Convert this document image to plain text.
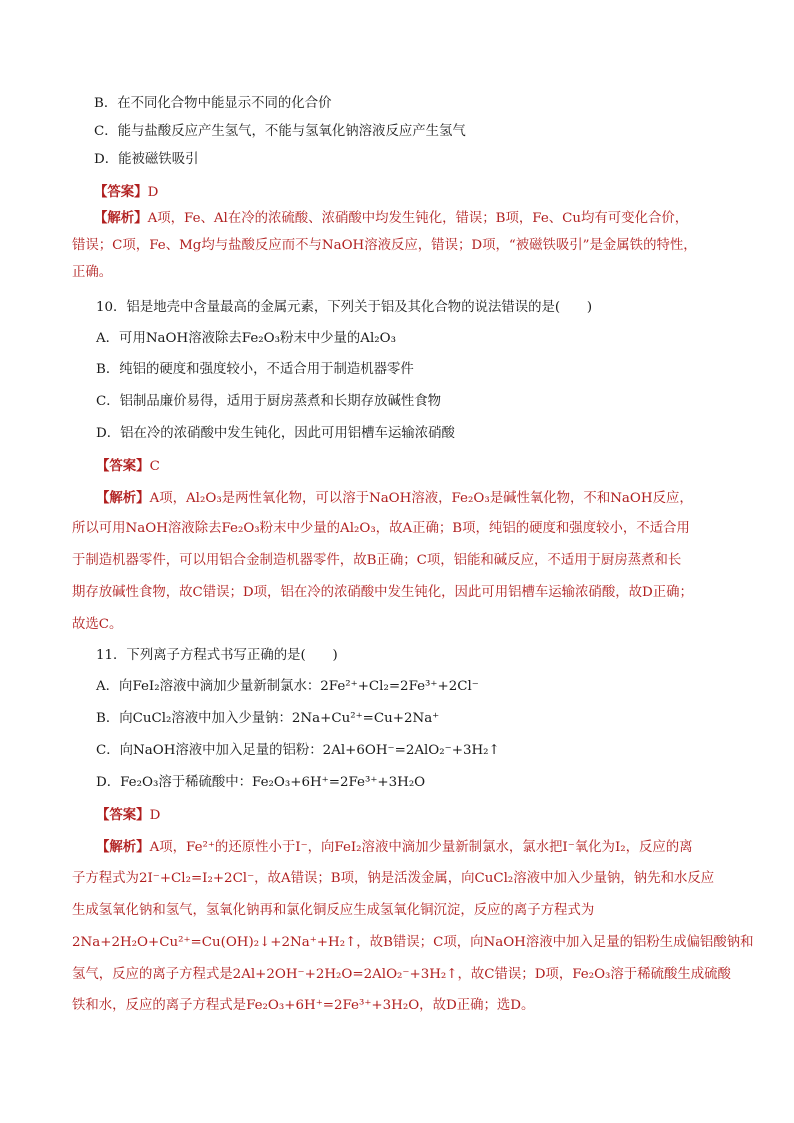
B．在不同化合物中能显示不同的化合价
C．能与盐酸反应产生氢气，不能与氢氧化钠溶液反应产生氢气
D．能被磁铁吸引
【答案】D
【解析】A项，Fe、Al在冷的浓硫酸、浓硝酸中均发生钝化，错误；B项，Fe、Cu均有可变化合价，
错误；C项，Fe、Mg均与盐酸反应而不与NaOH溶液反应，错误；D项，“被磁铁吸引”是金属铁的特性，
正确。
10．铝是地壳中含量最高的金属元素，下列关于铝及其化合物的说法错误的是(　　)
A．可用NaOH溶液除去Fe₂O₃粉末中少量的Al₂O₃
B．纯铝的硬度和强度较小，不适合用于制造机器零件
C．铝制品廉价易得，适用于厨房蒸煮和长期存放碱性食物
D．铝在冷的浓硝酸中发生钝化，因此可用铝槽车运输浓硝酸
【答案】C
【解析】A项，Al₂O₃是两性氧化物，可以溶于NaOH溶液，Fe₂O₃是碱性氧化物，不和NaOH反应，
所以可用NaOH溶液除去Fe₂O₃粉末中少量的Al₂O₃，故A正确；B项，纯铝的硬度和强度较小，不适合用
于制造机器零件，可以用铝合金制造机器零件，故B正确；C项，铝能和碱反应，不适用于厨房蒸煮和长
期存放碱性食物，故C错误；D项，铝在冷的浓硝酸中发生钝化，因此可用铝槽车运输浓硝酸，故D正确；
故选C。
11．下列离子方程式书写正确的是(　　)
A．向FeI₂溶液中滴加少量新制氯水：2Fe²⁺+Cl₂=2Fe³⁺+2Cl⁻
B．向CuCl₂溶液中加入少量钠：2Na+Cu²⁺=Cu+2Na⁺
C．向NaOH溶液中加入足量的铝粉：2Al+6OH⁻=2AlO₂⁻+3H₂↑
D．Fe₂O₃溶于稀硫酸中：Fe₂O₃+6H⁺=2Fe³⁺+3H₂O
【答案】D
【解析】A项，Fe²⁺的还原性小于I⁻，向FeI₂溶液中滴加少量新制氯水，氯水把I⁻氧化为I₂，反应的离
子方程式为2I⁻+Cl₂=I₂+2Cl⁻，故A错误；B项，钠是活泼金属，向CuCl₂溶液中加入少量钠，钠先和水反应
生成氢氧化钠和氢气，氢氧化钠再和氯化铜反应生成氢氧化铜沉淀，反应的离子方程式为
2Na+2H₂O+Cu²⁺=Cu(OH)₂↓+2Na⁺+H₂↑，故B错误；C项，向NaOH溶液中加入足量的铝粉生成偏铝酸钠和
氢气，反应的离子方程式是2Al+2OH⁻+2H₂O=2AlO₂⁻+3H₂↑，故C错误；D项，Fe₂O₃溶于稀硫酸生成硫酸
铁和水，反应的离子方程式是Fe₂O₃+6H⁺=2Fe³⁺+3H₂O，故D正确；选D。
